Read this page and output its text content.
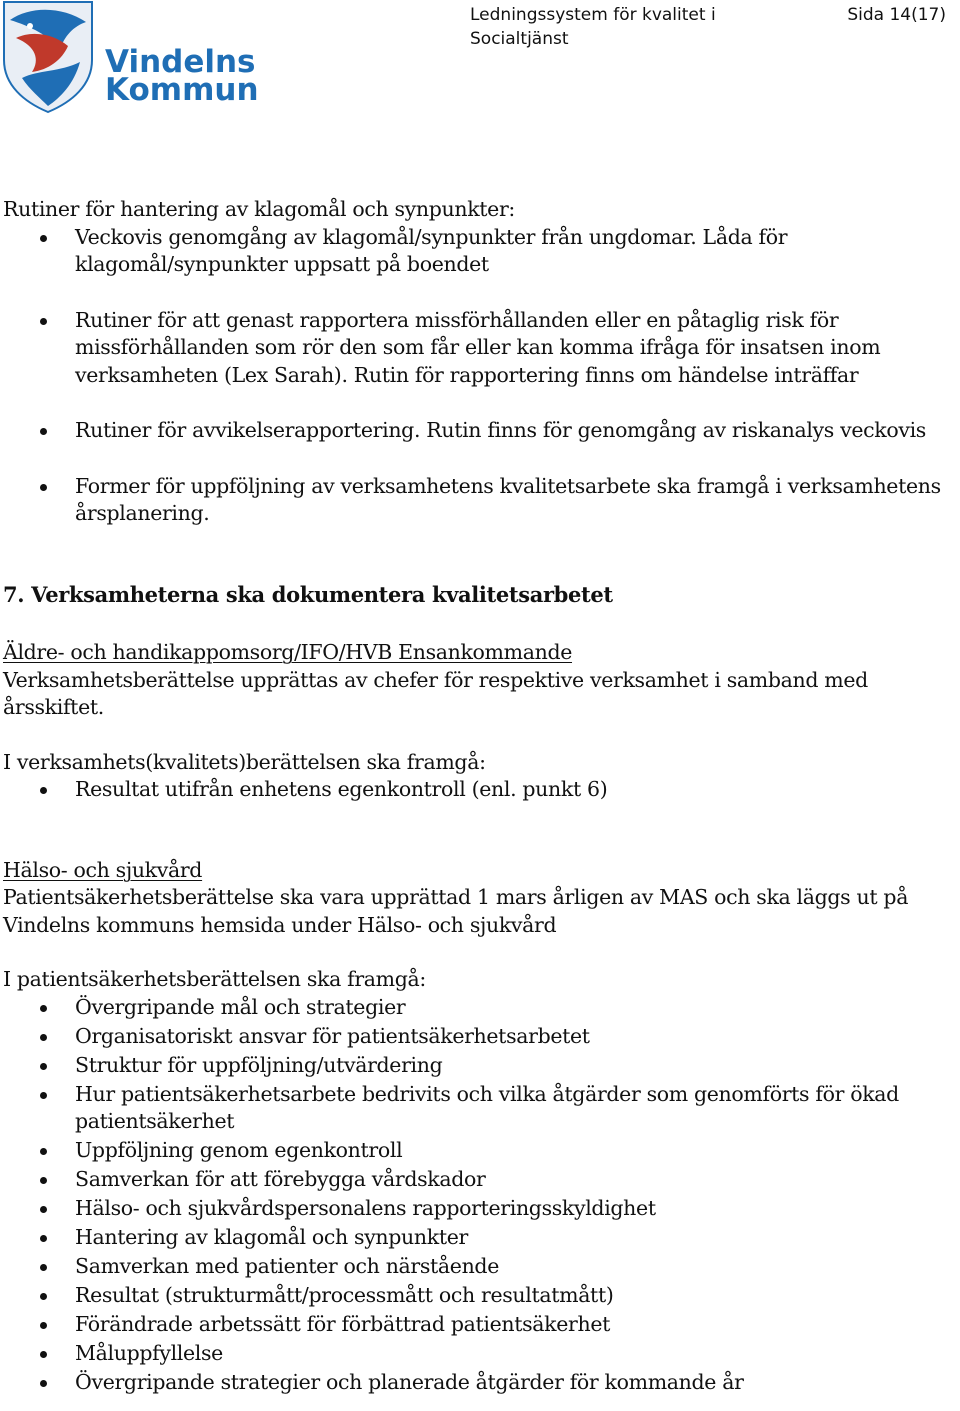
Vindelns
Kommun
Ledningssystem för kvalitet i
Socialtjänst
Sida 14(17)

Rutiner för hantering av klagomål och synpunkter:

Veckovis genomgång av klagomål/synpunkter från ungdomar. Låda för klagomål/synpunkter uppsatt på boendet
Rutiner för att genast rapportera missförhållanden eller en påtaglig risk för missförhållanden som rör den som får eller kan komma ifråga för insatsen inom verksamheten (Lex Sarah). Rutin för rapportering finns om händelse inträffar
Rutiner för avvikelserapportering. Rutin finns för genomgång av riskanalys veckovis
Former för uppföljning av verksamhetens kvalitetsarbete ska framgå i verksamhetens årsplanering.

7. Verksamheterna ska dokumentera kvalitetsarbetet

Äldre- och handikappomsorg/IFO/HVB Ensankommande

Verksamhetsberättelse upprättas av chefer för respektive verksamhet i samband med årsskiftet.

I verksamhets(kvalitets)berättelsen ska framgå:

Resultat utifrån enhetens egenkontroll (enl. punkt 6)

Hälso- och sjukvård

Patientsäkerhetsberättelse ska vara upprättad 1 mars årligen av MAS och ska läggs ut på Vindelns kommuns hemsida under Hälso- och sjukvård

I patientsäkerhetsberättelsen ska framgå:

Övergripande mål och strategier
Organisatoriskt ansvar för patientsäkerhetsarbetet
Struktur för uppföljning/utvärdering
Hur patientsäkerhetsarbete bedrivits och vilka åtgärder som genomförts för ökad patientsäkerhet
Uppföljning genom egenkontroll
Samverkan för att förebygga vårdskador
Hälso- och sjukvårdspersonalens rapporteringsskyldighet
Hantering av klagomål och synpunkter
Samverkan med patienter och närstående
Resultat (strukturmått/processmått och resultatmått)
Förändrade arbetssätt för förbättrad patientsäkerhet
Måluppfyllelse
Övergripande strategier och planerade åtgärder för kommande år
